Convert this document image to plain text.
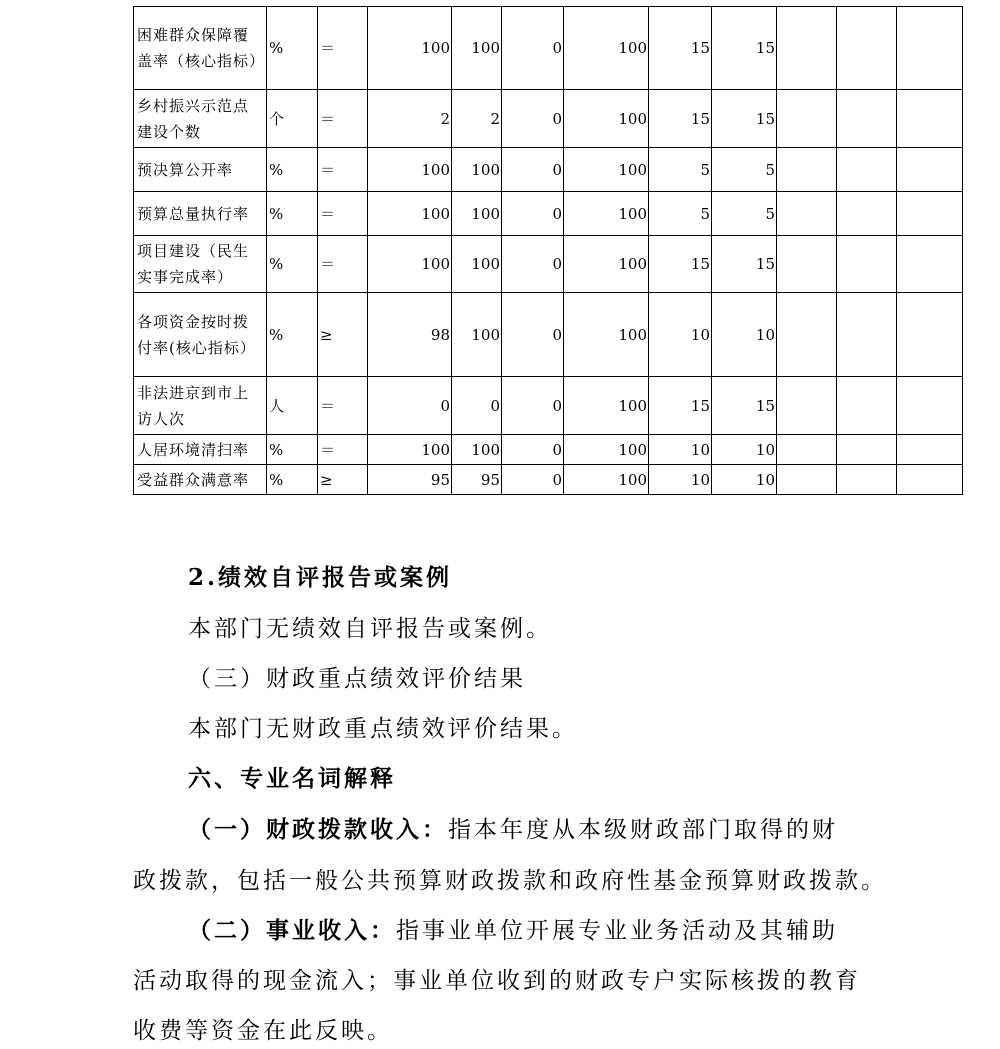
困难群众保障覆盖率（核心指标）	%	＝	100	100	0	100	15	15			
乡村振兴示范点建设个数	个	＝	2	2	0	100	15	15			
预决算公开率	%	＝	100	100	0	100	5	5			
预算总量执行率	%	＝	100	100	0	100	5	5			
项目建设（民生实事完成率）	%	＝	100	100	0	100	15	15			
各项资金按时拨付率(核心指标）	%	≥	98	100	0	100	10	10			
非法进京到市上访人次	人	＝	0	0	0	100	15	15			
人居环境清扫率	%	＝	100	100	0	100	10	10			
受益群众满意率	%	≥	95	95	0	100	10	10			
2.绩效自评报告或案例
本部门无绩效自评报告或案例。
（三）财政重点绩效评价结果
本部门无财政重点绩效评价结果。
六、专业名词解释
（一）财政拨款收入：指本年度从本级财政部门取得的财
政拨款，包括一般公共预算财政拨款和政府性基金预算财政拨款。
（二）事业收入：指事业单位开展专业业务活动及其辅助
活动取得的现金流入；事业单位收到的财政专户实际核拨的教育
收费等资金在此反映。
